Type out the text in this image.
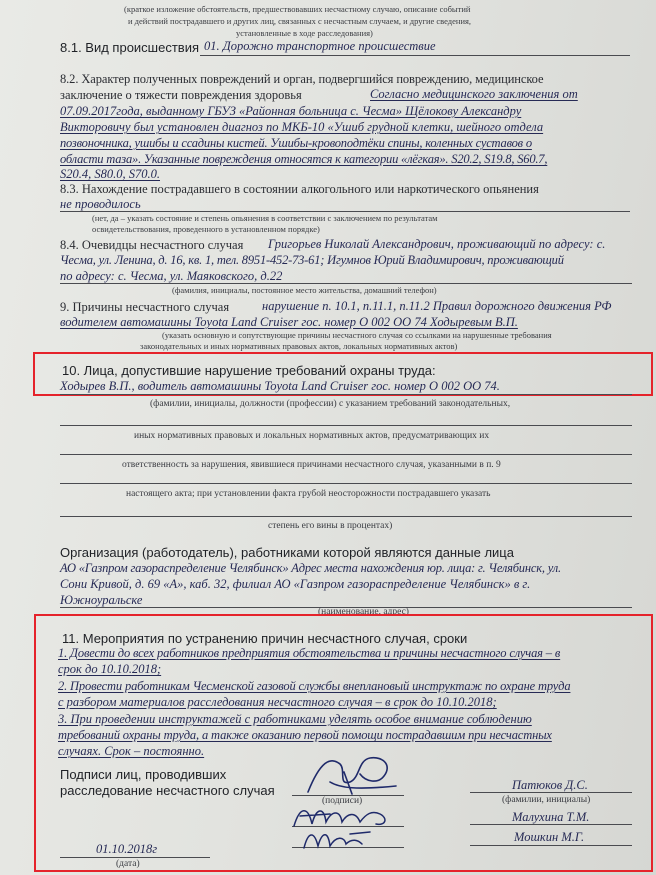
(краткое изложение обстоятельств, предшествовавших несчастному случаю, описание событий
и действий пострадавшего и других лиц, связанных с несчастным случаем, и другие сведения,
установленные в ходе расследования)
8.1. Вид происшествия 01. Дорожно транспортное происшествие
8.2. Характер полученных повреждений и орган, подвергшийся повреждению, медицинское
заключение о тяжести повреждения здоровья	Согласно медицинского заключения от
07.09.2017года, выданному ГБУЗ «Районная больница с. Чесма» Щёлокову Александру
Викторовичу был установлен диагноз по МКБ-10 «Ушиб грудной клетки, шейного отдела
позвоночника, ушибы и ссадины кистей. Ушибы-кровоподтёки спины, коленных суставов о
области таза». Указанные повреждения относятся к категории «лёгкая». S20.2, S19.8, S60.7,
S20.4, S80.0, S70.0.
8.3. Нахождение пострадавшего в состоянии алкогольного или наркотического опьянения
не проводилось
(нет, да – указать состояние и степень опьянения в соответствии с заключением по результатам
освидетельствования, проведенного в установленном порядке)
8.4. Очевидцы несчастного случая Григорьев Николай Александрович, проживающий по адресу: с.
Чесма, ул. Ленина, д. 16, кв. 1, тел. 8951-452-73-61; Игумнов Юрий Владимирович, проживающий
по адресу: с. Чесма, ул. Маяковского, д.22
(фамилия, инициалы, постоянное место жительства, домашний телефон)
9. Причины несчастного случая	нарушение п. 10.1, п.11.1, п.11.2 Правил дорожного движения РФ
водителем автомашины Toyota Land Cruiser гос. номер О 002 ОО 74 Ходыревым В.П.
(указать основную и сопутствующие причины несчастного случая со ссылками на нарушенные требования
законодательных и иных нормативных правовых актов, локальных нормативных актов)
10. Лица, допустившие нарушение требований охраны труда:
Ходырев В.П., водитель автомашины Toyota Land Cruiser гос. номер О 002 ОО 74.
(фамилии, инициалы, должности (профессии) с указанием требований законодательных,
иных нормативных правовых и локальных нормативных актов, предусматривающих их
ответственность за нарушения, явившиеся причинами несчастного случая, указанными в п. 9
настоящего акта; при установлении факта грубой неосторожности пострадавшего указать
степень его вины в процентах)
Организация (работодатель), работниками которой являются данные лица
АО «Газпром газораспределение Челябинск» Адрес места нахождения юр. лица: г. Челябинск, ул.
Сони Кривой, д. 69 «А», каб. 32, филиал АО «Газпром газораспределение Челябинск» в г.
Южноуральске
(наименование, адрес)
11. Мероприятия по устранению причин несчастного случая, сроки
1. Довести до всех работников предприятия обстоятельства и причины несчастного случая – в
срок до 10.10.2018;
2. Провести работникам Чесменской газовой службы внеплановый инструктаж по охране труда
с разбором материалов расследования несчастного случая – в срок до 10.10.2018;
3. При проведении инструктажей с работниками уделять особое внимание соблюдению
требований охраны труда, а также оказанию первой помощи пострадавшим при несчастных
случаях. Срок – постоянно.
Подписи лиц, проводивших
расследование несчастного случая
(подписи)
Патюков Д.С.
(фамилии, инициалы)
Малухина Т.М.
Мошкин М.Г.
01.10.2018г
(дата)
